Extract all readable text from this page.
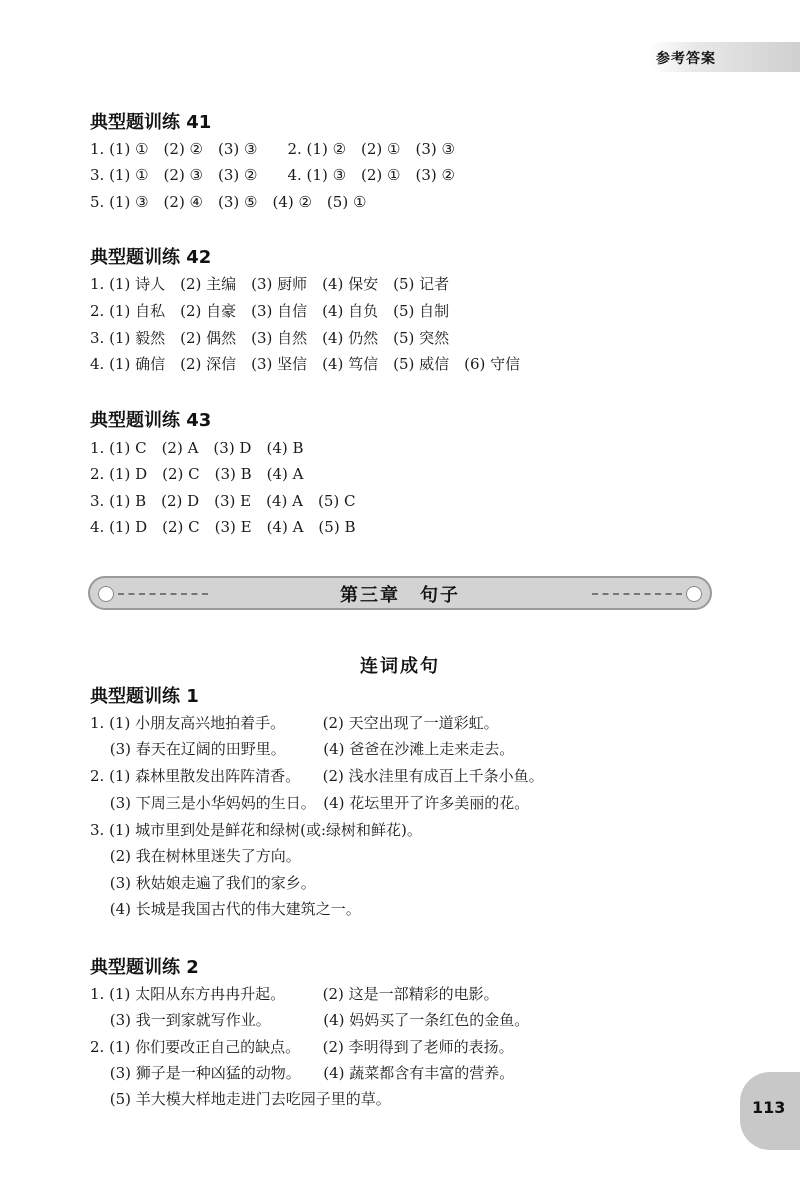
参考答案
典型题训练 41
1. (1) ①　(2) ②　(3) ③　　2. (1) ②　(2) ①　(3) ③
3. (1) ①　(2) ③　(3) ②　　4. (1) ③　(2) ①　(3) ②
5. (1) ③　(2) ④　(3) ⑤　(4) ②　(5) ①
典型题训练 42
1. (1) 诗人　(2) 主编　(3) 厨师　(4) 保安　(5) 记者
2. (1) 自私　(2) 自豪　(3) 自信　(4) 自负　(5) 自制
3. (1) 毅然　(2) 偶然　(3) 自然　(4) 仍然　(5) 突然
4. (1) 确信　(2) 深信　(3) 坚信　(4) 笃信　(5) 威信　(6) 守信
典型题训练 43
1. (1) C　(2) A　(3) D　(4) B
2. (1) D　(2) C　(3) B　(4) A
3. (1) B　(2) D　(3) E　(4) A　(5) C
4. (1) D　(2) C　(3) E　(4) A　(5) B
第三章　句子
连词成句
典型题训练 1
1. (1) 小朋友高兴地拍着手。　　　(2) 天空出现了一道彩虹。
　 (3) 春天在辽阔的田野里。　　　(4) 爸爸在沙滩上走来走去。
2. (1) 森林里散发出阵阵清香。　　(2) 浅水洼里有成百上千条小鱼。
　 (3) 下周三是小华妈妈的生日。　(4) 花坛里开了许多美丽的花。
3. (1) 城市里到处是鲜花和绿树(或:绿树和鲜花)。
　 (2) 我在树林里迷失了方向。
　 (3) 秋姑娘走遍了我们的家乡。
　 (4) 长城是我国古代的伟大建筑之一。
典型题训练 2
1. (1) 太阳从东方冉冉升起。　　　(2) 这是一部精彩的电影。
　 (3) 我一到家就写作业。　　　　(4) 妈妈买了一条红色的金鱼。
2. (1) 你们要改正自己的缺点。　　(2) 李明得到了老师的表扬。
　 (3) 狮子是一种凶猛的动物。　　(4) 蔬菜都含有丰富的营养。
　 (5) 羊大模大样地走进门去吃园子里的草。	113
